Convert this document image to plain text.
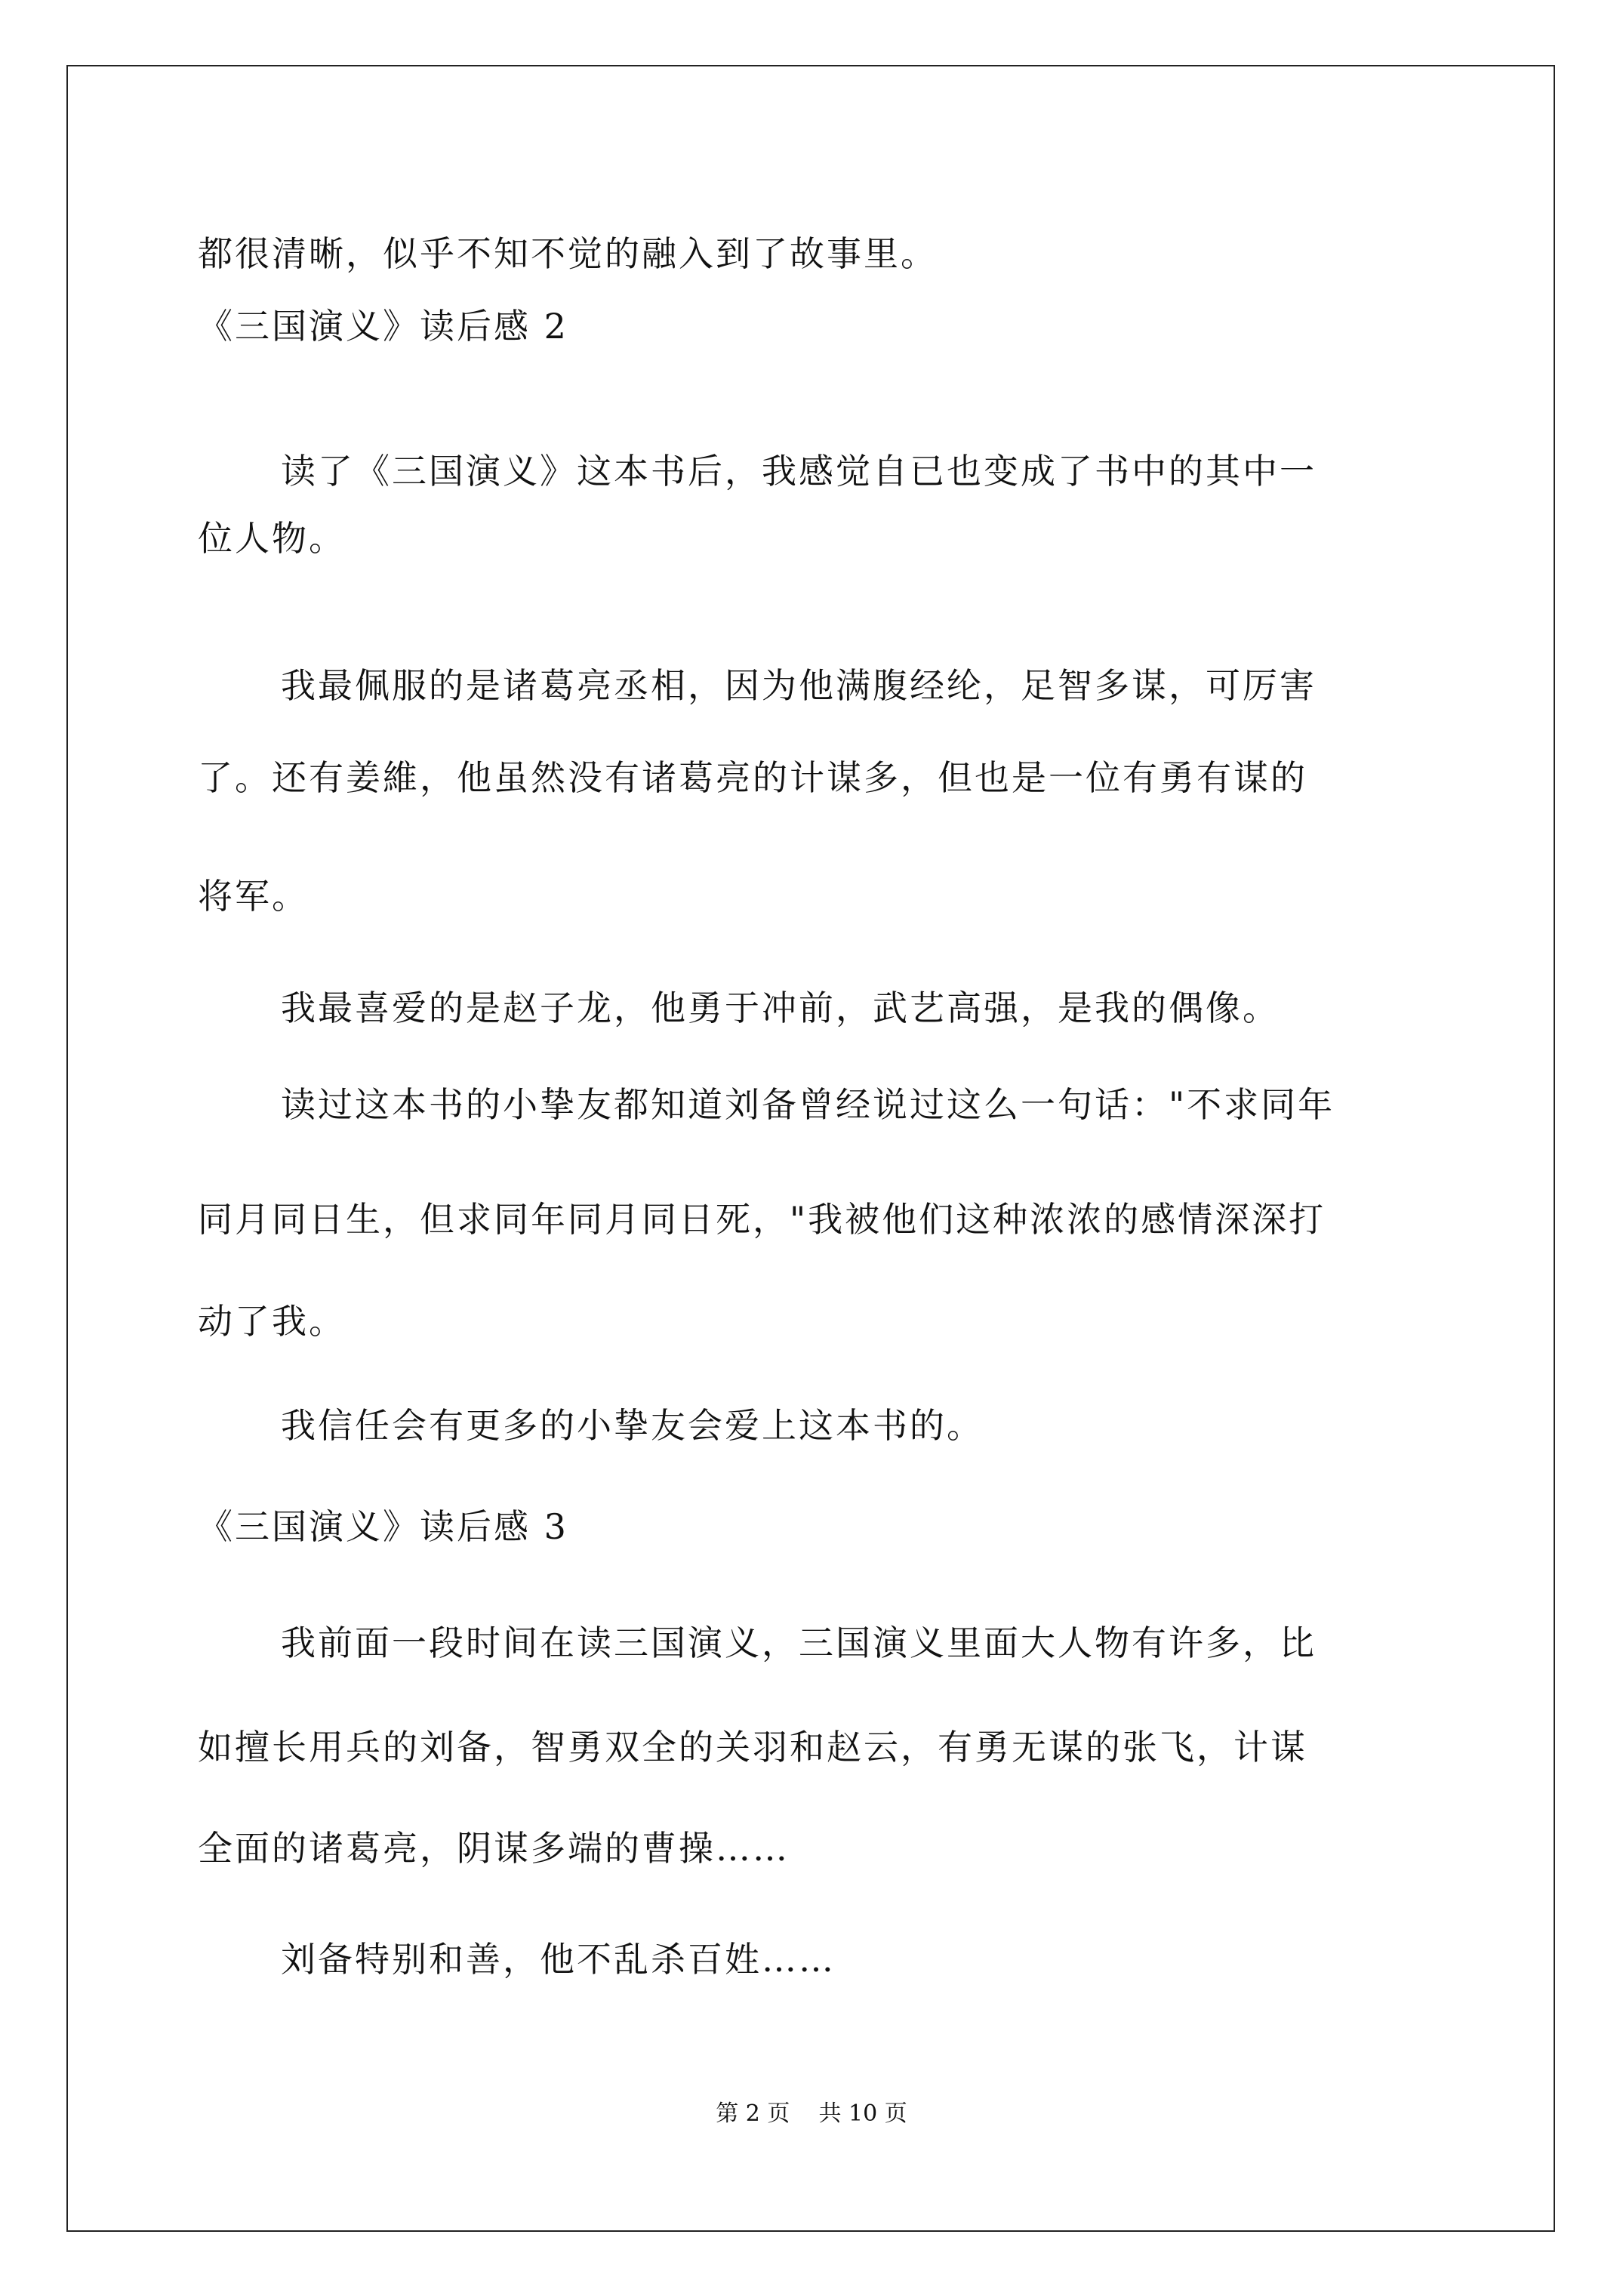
都很清晰，似乎不知不觉的融入到了故事里。
《三国演义》读后感 2
读了《三国演义》这本书后，我感觉自已也变成了书中的其中一
位人物。
我最佩服的是诸葛亮丞相，因为他满腹经纶，足智多谋，可厉害
了。还有姜維，他虽然没有诸葛亮的计谋多，但也是一位有勇有谋的
将军。
我最喜爱的是赵子龙，他勇于冲前，武艺高强，是我的偶像。
读过这本书的小挚友都知道刘备曾经说过这么一句话："不求同年
同月同日生，但求同年同月同日死，"我被他们这种浓浓的感情深深打
动了我。
我信任会有更多的小挚友会爱上这本书的。
《三国演义》读后感 3
我前面一段时间在读三国演义，三国演义里面大人物有许多，比
如擅长用兵的刘备，智勇双全的关羽和赵云，有勇无谋的张飞，计谋
全面的诸葛亮，阴谋多端的曹操……
刘备特别和善，他不乱杀百姓……
第 2 页    共 10 页
